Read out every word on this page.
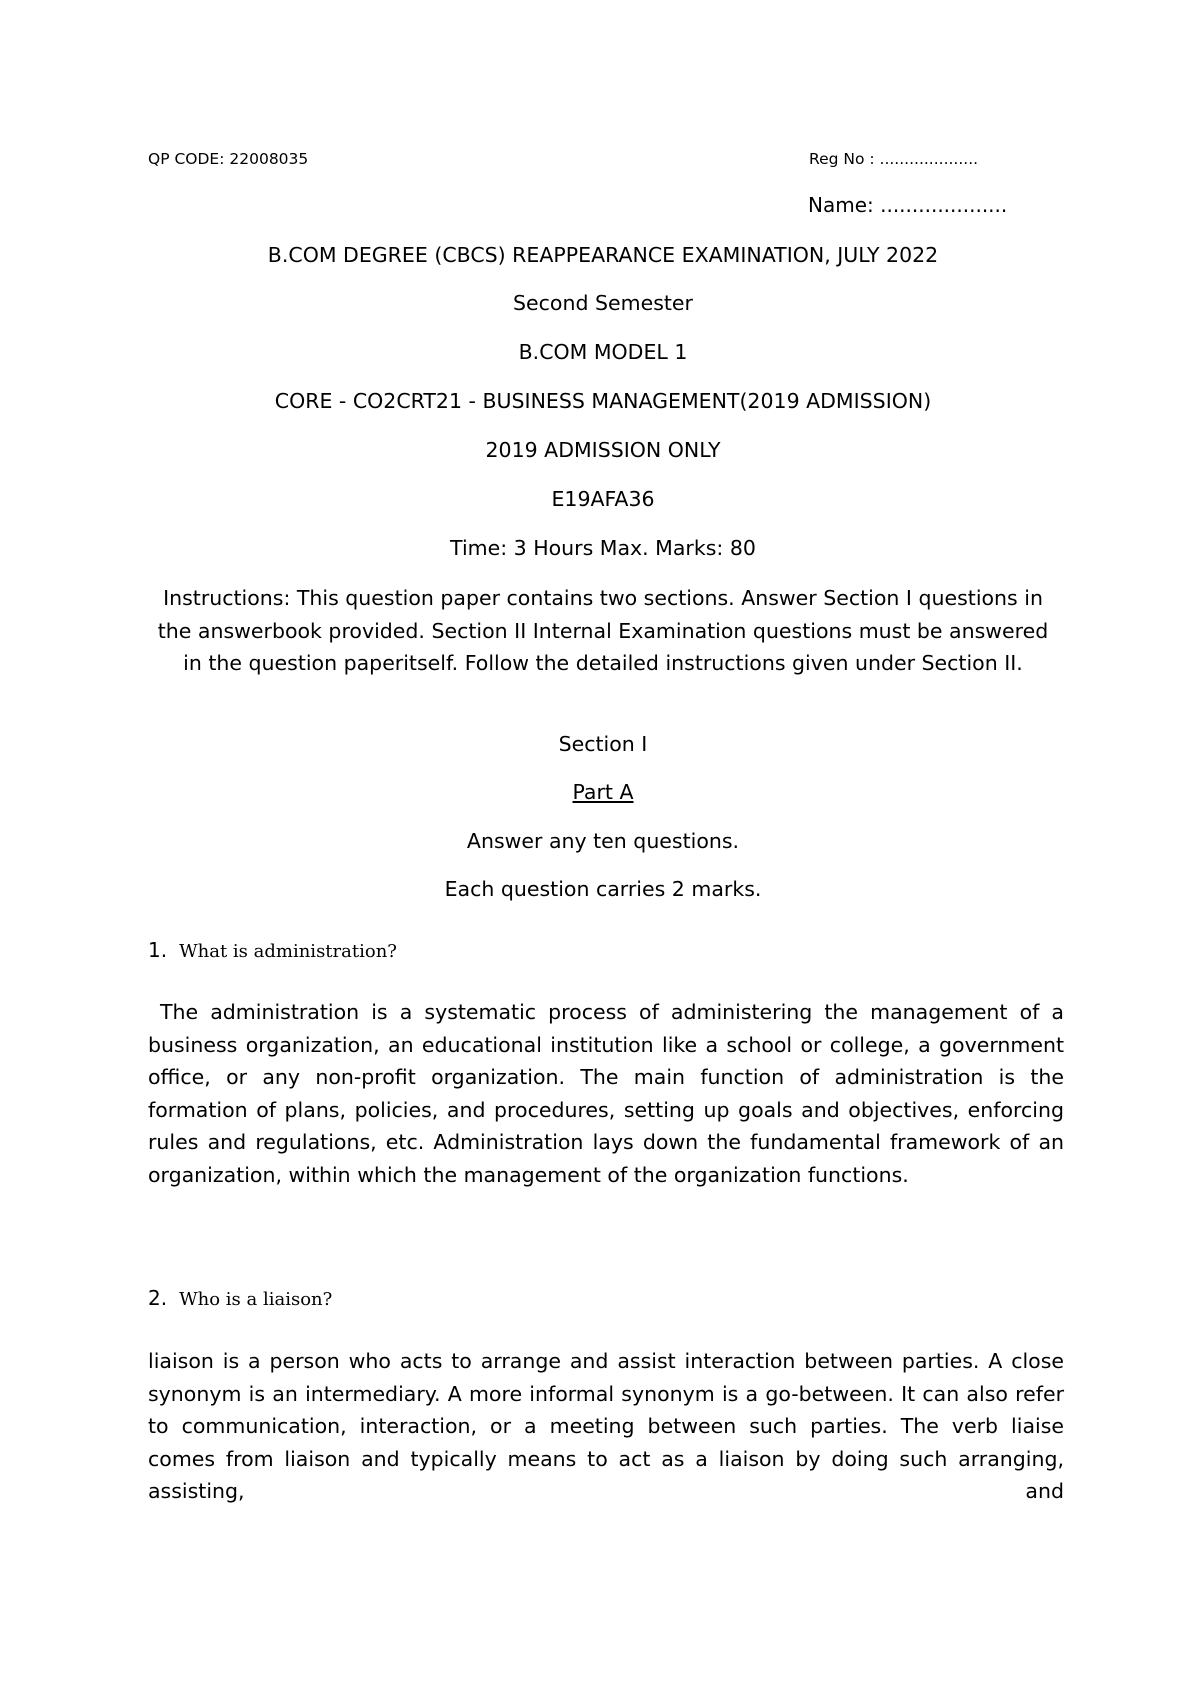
QP CODE: 22008035	Reg No : ....................
Name: ....................
B.COM DEGREE (CBCS) REAPPEARANCE EXAMINATION, JULY 2022
Second Semester
B.COM MODEL 1
CORE - CO2CRT21 - BUSINESS MANAGEMENT(2019 ADMISSION)
2019 ADMISSION ONLY
E19AFA36
Time: 3 Hours Max. Marks: 80
Instructions: This question paper contains two sections. Answer Section I questions in the answerbook provided. Section II Internal Examination questions must be answered in the question paperitself. Follow the detailed instructions given under Section II.
Section I
Part A
Answer any ten questions.
Each question carries 2 marks.
1. What is administration?
The administration is a systematic process of administering the management of a business organization, an educational institution like a school or college, a government office, or any non-profit organization. The main function of administration is the formation of plans, policies, and procedures, setting up goals and objectives, enforcing rules and regulations, etc. Administration lays down the fundamental framework of an organization, within which the management of the organization functions.
2. Who is a liaison?
liaison is a person who acts to arrange and assist interaction between parties. A close synonym is an intermediary. A more informal synonym is a go-between. It can also refer to communication, interaction, or a meeting between such parties. The verb liaise comes from liaison and typically means to act as a liaison by doing such arranging, assisting, and
